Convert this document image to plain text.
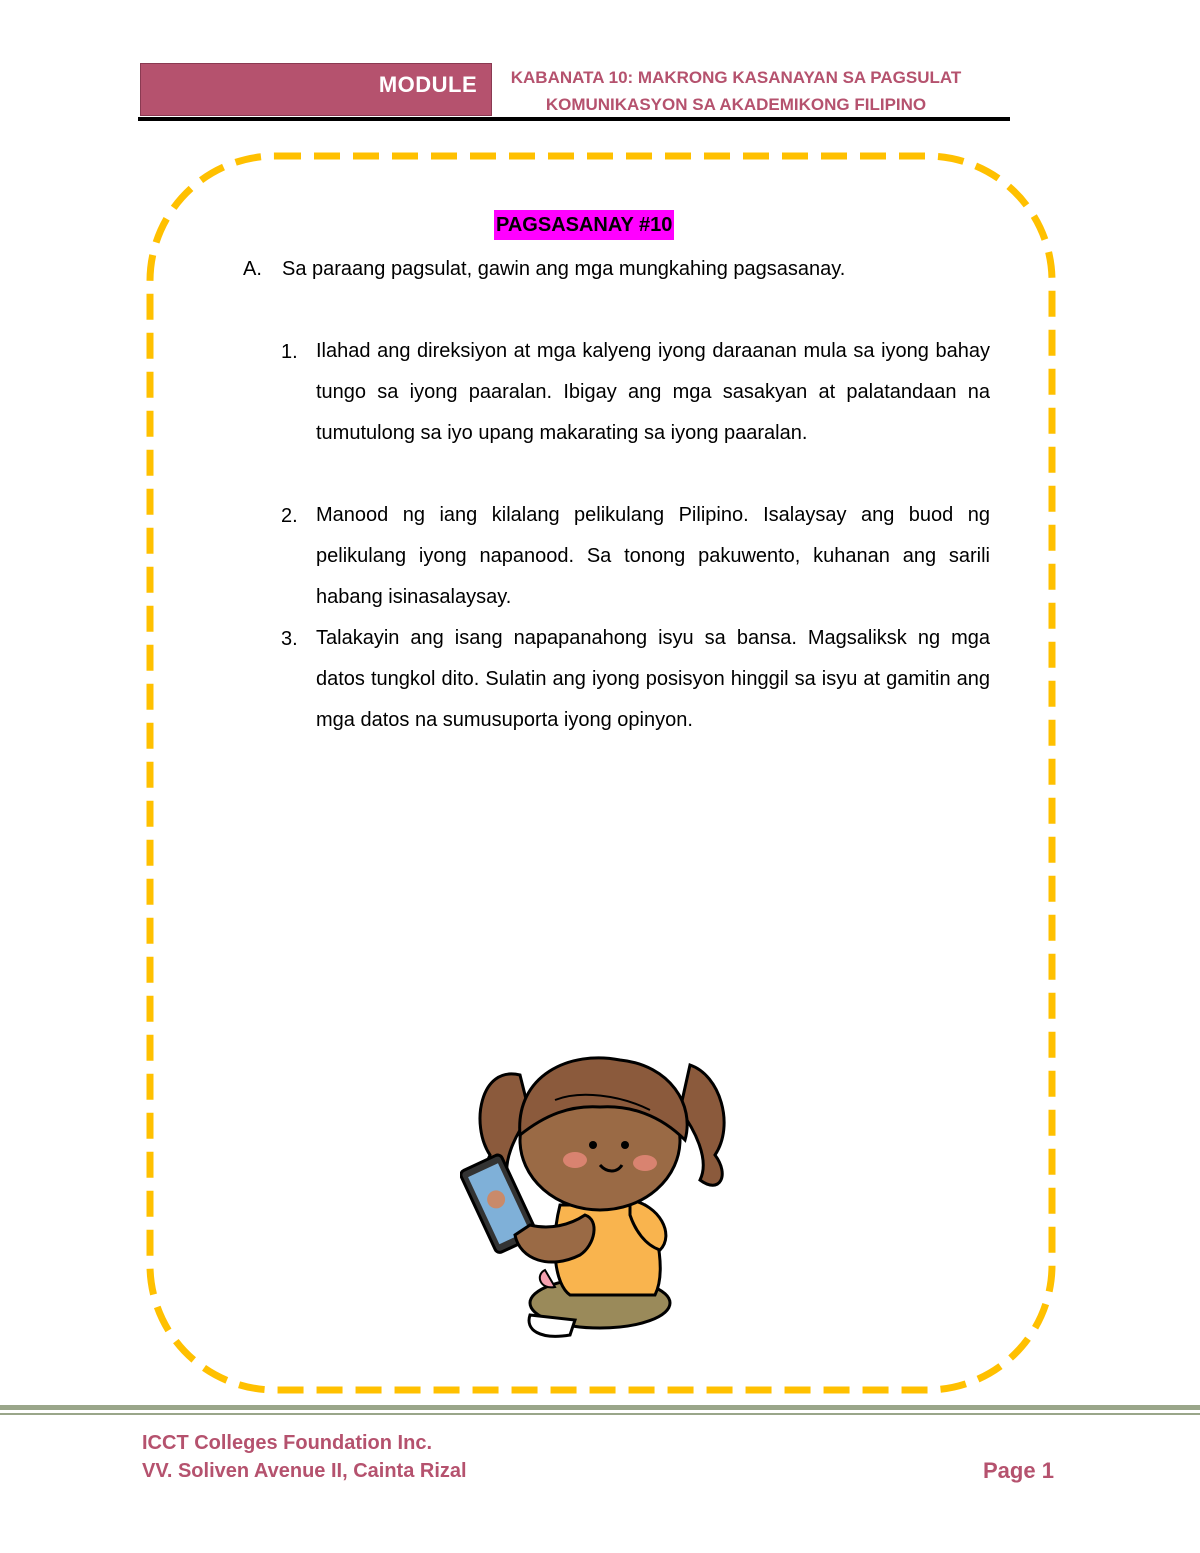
MODULE	KABANATA 10: MAKRONG KASANAYAN SA PAGSULAT
KOMUNIKASYON SA AKADEMIKONG FILIPINO
PAGSASANAY #10
A. Sa paraang pagsulat, gawin ang mga mungkahing pagsasanay.
1. Ilahad ang direksiyon at mga kalyeng iyong daraanan mula sa iyong bahay tungo sa iyong paaralan. Ibigay ang mga sasakyan at palatandaan na tumutulong sa iyo upang makarating sa iyong paaralan.
2. Manood ng iang kilalang pelikulang Pilipino. Isalaysay ang buod ng pelikulang iyong napanood. Sa tonong pakuwento, kuhanan ang sarili habang isinasalaysay.
3. Talakayin ang isang napapanahong isyu sa bansa. Magsaliksk ng mga datos tungkol dito. Sulatin ang iyong posisyon hinggil sa isyu at gamitin ang mga datos na sumusuporta iyong opinyon.
ICCT Colleges Foundation Inc.
VV. Soliven Avenue II, Cainta Rizal	Page 1
